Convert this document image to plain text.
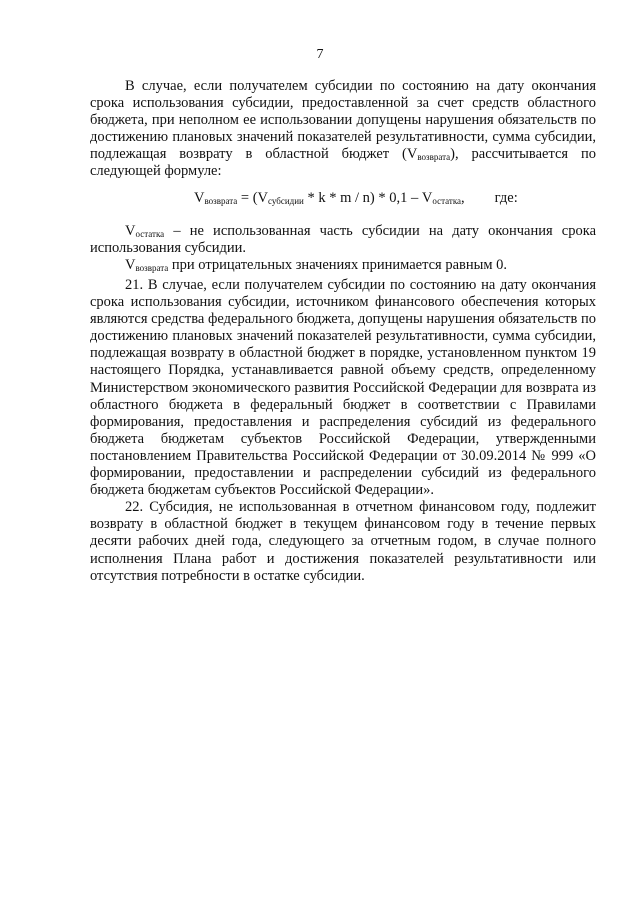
7

В случае, если получателем субсидии по состоянию на дату окончания срока использования субсидии, предоставленной за счет средств областного бюджета, при неполном ее использовании допущены нарушения обязательств по достижению плановых значений показателей результативности, сумма субсидии, подлежащая возврату в областной бюджет $(V_{возврата})$, рассчитывается по следующей формуле:

$V_{возврата} = (V_{субсидии} * k * m / n) * 0,1 - V_{остатка}$, где:

$V_{остатка}$ – не использованная часть субсидии на дату окончания срока использования субсидии.

$V_{возврата}$ при отрицательных значениях принимается равным 0.

21. В случае, если получателем субсидии по состоянию на дату окончания срока использования субсидии, источником финансового обеспечения которых являются средства федерального бюджета, допущены нарушения обязательств по достижению плановых значений показателей результативности, сумма субсидии, подлежащая возврату в областной бюджет в порядке, установленном пунктом 19 настоящего Порядка, устанавливается равной объему средств, определенному Министерством экономического развития Российской Федерации для возврата из областного бюджета в федеральный бюджет в соответствии с Правилами формирования, предоставления и распределения субсидий из федерального бюджета бюджетам субъектов Российской Федерации, утвержденными постановлением Правительства Российской Федерации от 30.09.2014 № 999 «О формировании, предоставлении и распределении субсидий из федерального бюджета бюджетам субъектов Российской Федерации».

22. Субсидия, не использованная в отчетном финансовом году, подлежит возврату в областной бюджет в текущем финансовом году в течение первых десяти рабочих дней года, следующего за отчетным годом, в случае полного исполнения Плана работ и достижения показателей результативности или отсутствия потребности в остатке субсидии.
